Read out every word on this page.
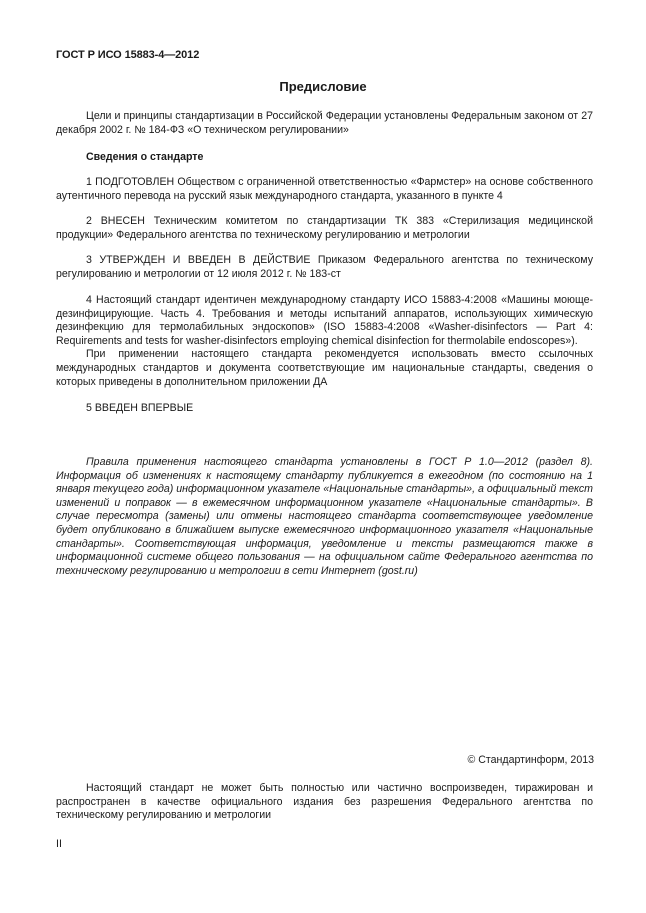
ГОСТ Р ИСО 15883-4—2012
Предисловие

Цели и принципы стандартизации в Российской Федерации установлены Федеральным законом от 27 декабря 2002 г. № 184-ФЗ «О техническом регулировании»

Сведения о стандарте

1 ПОДГОТОВЛЕН Обществом с ограниченной ответственностью «Фармстер» на основе собственного аутентичного перевода на русский язык международного стандарта, указанного в пункте 4

2 ВНЕСЕН Техническим комитетом по стандартизации ТК 383 «Стерилизация медицинской продукции» Федерального агентства по техническому регулированию и метрологии

3 УТВЕРЖДЕН И ВВЕДЕН В ДЕЙСТВИЕ Приказом Федерального агентства по техническому регулированию и метрологии от 12 июля 2012 г. № 183-ст

4 Настоящий стандарт идентичен международному стандарту ИСО 15883-4:2008 «Машины моюще-дезинфицирующие. Часть 4. Требования и методы испытаний аппаратов, использующих химическую дезинфекцию для термолабильных эндоскопов» (ISO 15883-4:2008 «Washer-disinfectors — Part 4: Requirements and tests for washer-disinfectors employing chemical disinfection for thermolabile endoscopes»).

При применении настоящего стандарта рекомендуется использовать вместо ссылочных международных стандартов и документа соответствующие им национальные стандарты, сведения о которых приведены в дополнительном приложении ДА

5 ВВЕДЕН ВПЕРВЫЕ

Правила применения настоящего стандарта установлены в ГОСТ Р 1.0—2012 (раздел 8). Информация об изменениях к настоящему стандарту публикуется в ежегодном (по состоянию на 1 января текущего года) информационном указателе «Национальные стандарты», а официальный текст изменений и поправок — в ежемесячном информационном указателе «Национальные стандарты». В случае пересмотра (замены) или отмены настоящего стандарта соответствующее уведомление будет опубликовано в ближайшем выпуске ежемесячного информационного указателя «Национальные стандарты». Соответствующая информация, уведомление и тексты размещаются также в информационной системе общего пользования — на официальном сайте Федерального агентства по техническому регулированию и метрологии в сети Интернет (gost.ru)

© Стандартинформ, 2013

Настоящий стандарт не может быть полностью или частично воспроизведен, тиражирован и распространен в качестве официального издания без разрешения Федерального агентства по техническому регулированию и метрологии

II
